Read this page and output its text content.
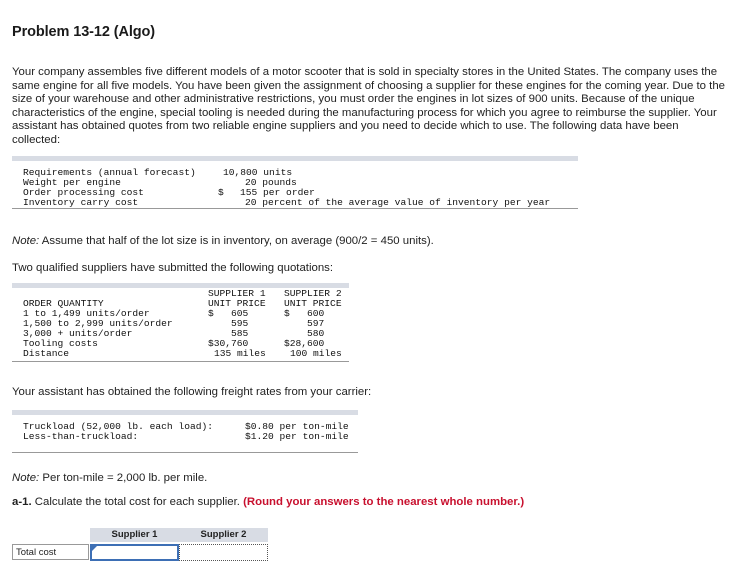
Problem 13-12 (Algo)
Your company assembles five different models of a motor scooter that is sold in specialty stores in the United States. The company uses the same engine for all five models. You have been given the assignment of choosing a supplier for these engines for the coming year. Due to the size of your warehouse and other administrative restrictions, you must order the engines in lot sizes of 900 units. Because of the unique characteristics of the engine, special tooling is needed during the manufacturing process for which you agree to reimburse the supplier. Your assistant has obtained quotes from two reliable engine suppliers and you need to decide which to use. The following data have been collected:
Requirements (annual forecast)
Weight per engine
Order processing cost
Inventory carry cost
10,800 units
20 pounds
$ 155 per order
20 percent of the average value of inventory per year
Note: Assume that half of the lot size is in inventory, on average (900/2 = 450 units).
Two qualified suppliers have submitted the following quotations:
SUPPLIER 1
UNIT PRICE
SUPPLIER 2
UNIT PRICE
ORDER QUANTITY
1 to 1,499 units/order
1,500 to 2,999 units/order
3,000 + units/order
Tooling costs
Distance
$ 605
595
585
$30,760
135 miles
$ 600
597
580
$28,600
100 miles
Your assistant has obtained the following freight rates from your carrier:
Truckload (52,000 lb. each load):
Less-than-truckload:
$0.80 per ton-mile
$1.20 per ton-mile
Note: Per ton-mile = 2,000 lb. per mile.
a-1. Calculate the total cost for each supplier. (Round your answers to the nearest whole number.)
Supplier 1	Supplier 2
Total cost
